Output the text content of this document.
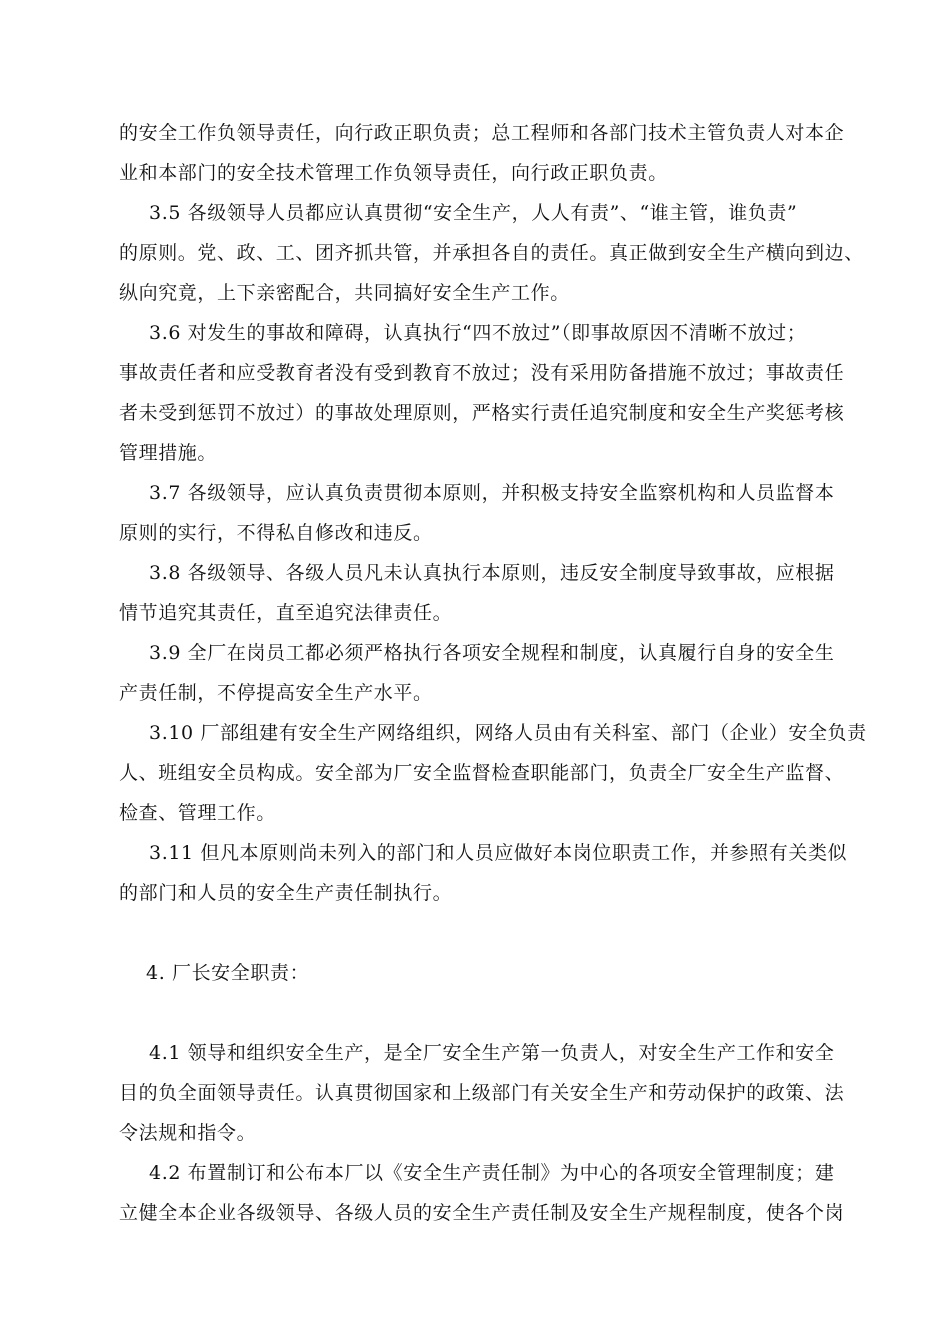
的安全工作负领导责任，向行政正职负责；总工程师和各部门技术主管负责人对本企
业和本部门的安全技术管理工作负领导责任，向行政正职负责。
3.5 各级领导人员都应认真贯彻“安全生产，人人有责”、“谁主管，谁负责”
的原则。党、政、工、团齐抓共管，并承担各自的责任。真正做到安全生产横向到边、
纵向究竟，上下亲密配合，共同搞好安全生产工作。
3.6 对发生的事故和障碍，认真执行“四不放过”（即事故原因不清晰不放过；
事故责任者和应受教育者没有受到教育不放过；没有采用防备措施不放过；事故责任
者未受到惩罚不放过）的事故处理原则，严格实行责任追究制度和安全生产奖惩考核
管理措施。
3.7 各级领导，应认真负责贯彻本原则，并积极支持安全监察机构和人员监督本
原则的实行，不得私自修改和违反。
3.8 各级领导、各级人员凡未认真执行本原则，违反安全制度导致事故，应根据
情节追究其责任，直至追究法律责任。
3.9 全厂在岗员工都必须严格执行各项安全规程和制度，认真履行自身的安全生
产责任制，不停提高安全生产水平。
3.10 厂部组建有安全生产网络组织，网络人员由有关科室、部门（企业）安全负责
人、班组安全员构成。安全部为厂安全监督检查职能部门，负责全厂安全生产监督、
检查、管理工作。
3.11 但凡本原则尚未列入的部门和人员应做好本岗位职责工作，并参照有关类似
的部门和人员的安全生产责任制执行。
4. 厂长安全职责：
4.1 领导和组织安全生产，是全厂安全生产第一负责人，对安全生产工作和安全
目的负全面领导责任。认真贯彻国家和上级部门有关安全生产和劳动保护的政策、法
令法规和指令。
4.2 布置制订和公布本厂以《安全生产责任制》为中心的各项安全管理制度；建
立健全本企业各级领导、各级人员的安全生产责任制及安全生产规程制度，使各个岗
